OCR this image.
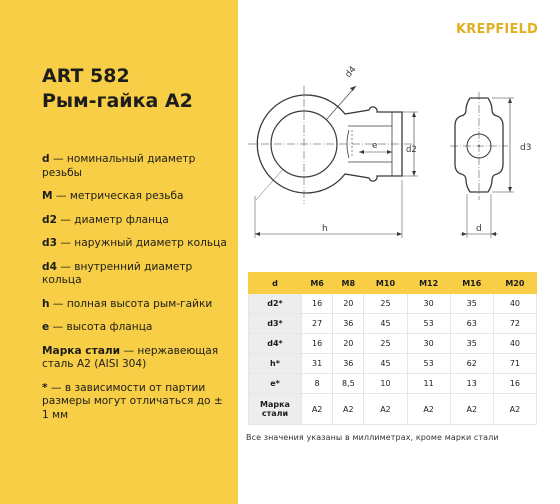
ART 582
Рым-гайка А2
d — номинальный диаметр резьбы
M — метрическая резьба
d2 — диаметр фланца
d3 — наружный диаметр кольца
d4 — внутренний диаметр кольца
h — полная высота рым-гайки
e — высота фланца
Марка стали — нержавеющая сталь А2 (AISI 304)
* — в зависимости от партии размеры могут отличаться до ± 1 мм
KREPFIELD
d4
e	d2
h
d3
d
d	M6	M8	M10	M12	M16	M20
d2*	16	20	25	30	35	40
d3*	27	36	45	53	63	72
d4*	16	20	25	30	35	40
h*	31	36	45	53	62	71
e*	8	8,5	10	11	13	16
Марка стали	A2	A2	A2	A2	A2	A2
Все значения указаны в миллиметрах, кроме марки стали
